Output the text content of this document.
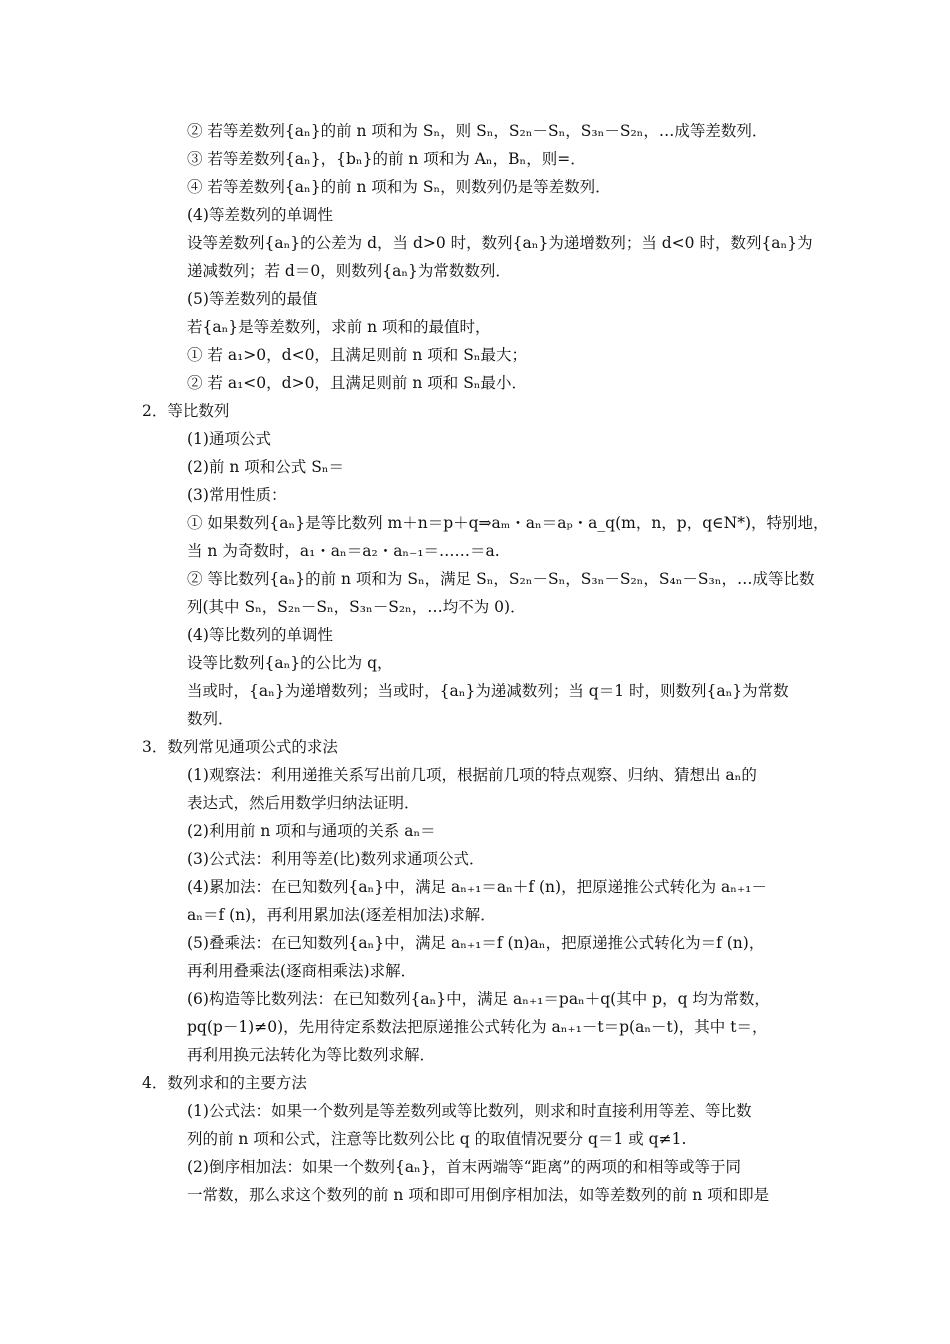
② 若等差数列{aₙ}的前 n 项和为 Sₙ，则 Sₙ，S₂ₙ－Sₙ，S₃ₙ－S₂ₙ，…成等差数列．
③ 若等差数列{aₙ}，{bₙ}的前 n 项和为 Aₙ，Bₙ，则=．
④ 若等差数列{aₙ}的前 n 项和为 Sₙ，则数列仍是等差数列．
(4)等差数列的单调性
设等差数列{aₙ}的公差为 d，当 d>0 时，数列{aₙ}为递增数列；当 d<0 时，数列{aₙ}为
递减数列；若 d＝0，则数列{aₙ}为常数数列．
(5)等差数列的最值
若{aₙ}是等差数列，求前 n 项和的最值时，
① 若 a₁>0，d<0，且满足则前 n 项和 Sₙ最大；
② 若 a₁<0，d>0，且满足则前 n 项和 Sₙ最小．
2．等比数列
(1)通项公式
(2)前 n 项和公式 Sₙ＝
(3)常用性质：
① 如果数列{aₙ}是等比数列 m＋n＝p＋q⇒aₘ・aₙ＝aₚ・a_q(m，n，p，q∈N*)，特别地，
当 n 为奇数时，a₁・aₙ＝a₂・aₙ₋₁＝……＝a.
② 等比数列{aₙ}的前 n 项和为 Sₙ，满足 Sₙ，S₂ₙ－Sₙ，S₃ₙ－S₂ₙ，S₄ₙ－S₃ₙ，…成等比数
列(其中 Sₙ，S₂ₙ－Sₙ，S₃ₙ－S₂ₙ，…均不为 0)．
(4)等比数列的单调性
设等比数列{aₙ}的公比为 q，
当或时，{aₙ}为递增数列；当或时，{aₙ}为递减数列；当 q＝1 时，则数列{aₙ}为常数
数列．
3．数列常见通项公式的求法
(1)观察法：利用递推关系写出前几项，根据前几项的特点观察、归纳、猜想出 aₙ的
表达式，然后用数学归纳法证明．
(2)利用前 n 项和与通项的关系 aₙ＝
(3)公式法：利用等差(比)数列求通项公式．
(4)累加法：在已知数列{aₙ}中，满足 aₙ₊₁＝aₙ＋f (n)，把原递推公式转化为 aₙ₊₁－
aₙ＝f (n)，再利用累加法(逐差相加法)求解．
(5)叠乘法：在已知数列{aₙ}中，满足 aₙ₊₁＝f (n)aₙ，把原递推公式转化为＝f (n)，
再利用叠乘法(逐商相乘法)求解．
(6)构造等比数列法：在已知数列{aₙ}中，满足 aₙ₊₁＝paₙ＋q(其中 p，q 均为常数，
pq(p－1)≠0)，先用待定系数法把原递推公式转化为 aₙ₊₁－t＝p(aₙ－t)，其中 t＝，
再利用换元法转化为等比数列求解．
4．数列求和的主要方法
(1)公式法：如果一个数列是等差数列或等比数列，则求和时直接利用等差、等比数
列的前 n 项和公式，注意等比数列公比 q 的取值情况要分 q＝1 或 q≠1.
(2)倒序相加法：如果一个数列{aₙ}，首末两端等“距离”的两项的和相等或等于同
一常数，那么求这个数列的前 n 项和即可用倒序相加法，如等差数列的前 n 项和即是
